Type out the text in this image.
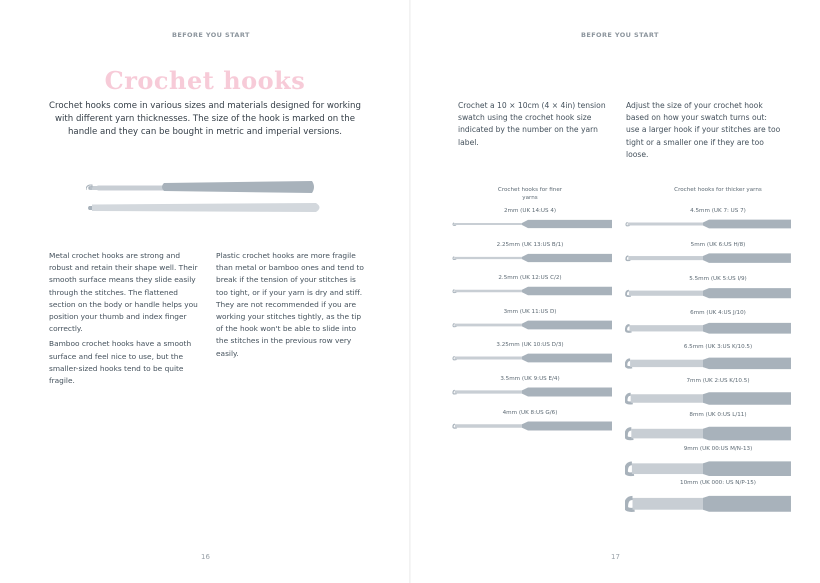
BEFORE YOU START
Crochet hooks
Crochet hooks come in various sizes and materials designed for working with different yarn thicknesses. The size of the hook is marked on the handle and they can be bought in metric and imperial versions.

Metal crochet hooks are strong and robust and retain their shape well. Their smooth surface means they slide easily through the stitches. The flattened section on the body or handle helps you position your thumb and index finger correctly.

Bamboo crochet hooks have a smooth surface and feel nice to use, but the smaller-sized hooks tend to be quite fragile.

Plastic crochet hooks are more fragile than metal or bamboo ones and tend to break if the tension of your stitches is too tight, or if your yarn is dry and stiff. They are not recommended if you are working your stitches tightly, as the tip of the hook won't be able to slide into the stitches in the previous row very easily.

16
BEFORE YOU START
Crochet a 10 × 10cm (4 × 4in) tension swatch using the crochet hook size indicated by the number on the yarn label.
Adjust the size of your crochet hook based on how your swatch turns out: use a larger hook if your stitches are too tight or a smaller one if they are too loose.
Crochet hooks for finer yarns
Crochet hooks for thicker yarns
2mm (UK 14:US 4)
2.25mm (UK 13:US B/1)
2.5mm (UK 12:US C/2)
3mm (UK 11:US D)
3.25mm (UK 10:US D/3)
3.5mm (UK 9:US E/4)
4mm (UK 8:US G/6)
4.5mm (UK 7: US 7)
5mm (UK 6:US H/8)
5.5mm (UK 5:US I/9)
6mm (UK 4:US J/10)
6.5mm (UK 3:US K/10.5)
7mm (UK 2:US K/10.5)
8mm (UK 0:US L/11)
9mm (UK 00:US M/N-13)
10mm (UK 000: US N/P-15)
17
